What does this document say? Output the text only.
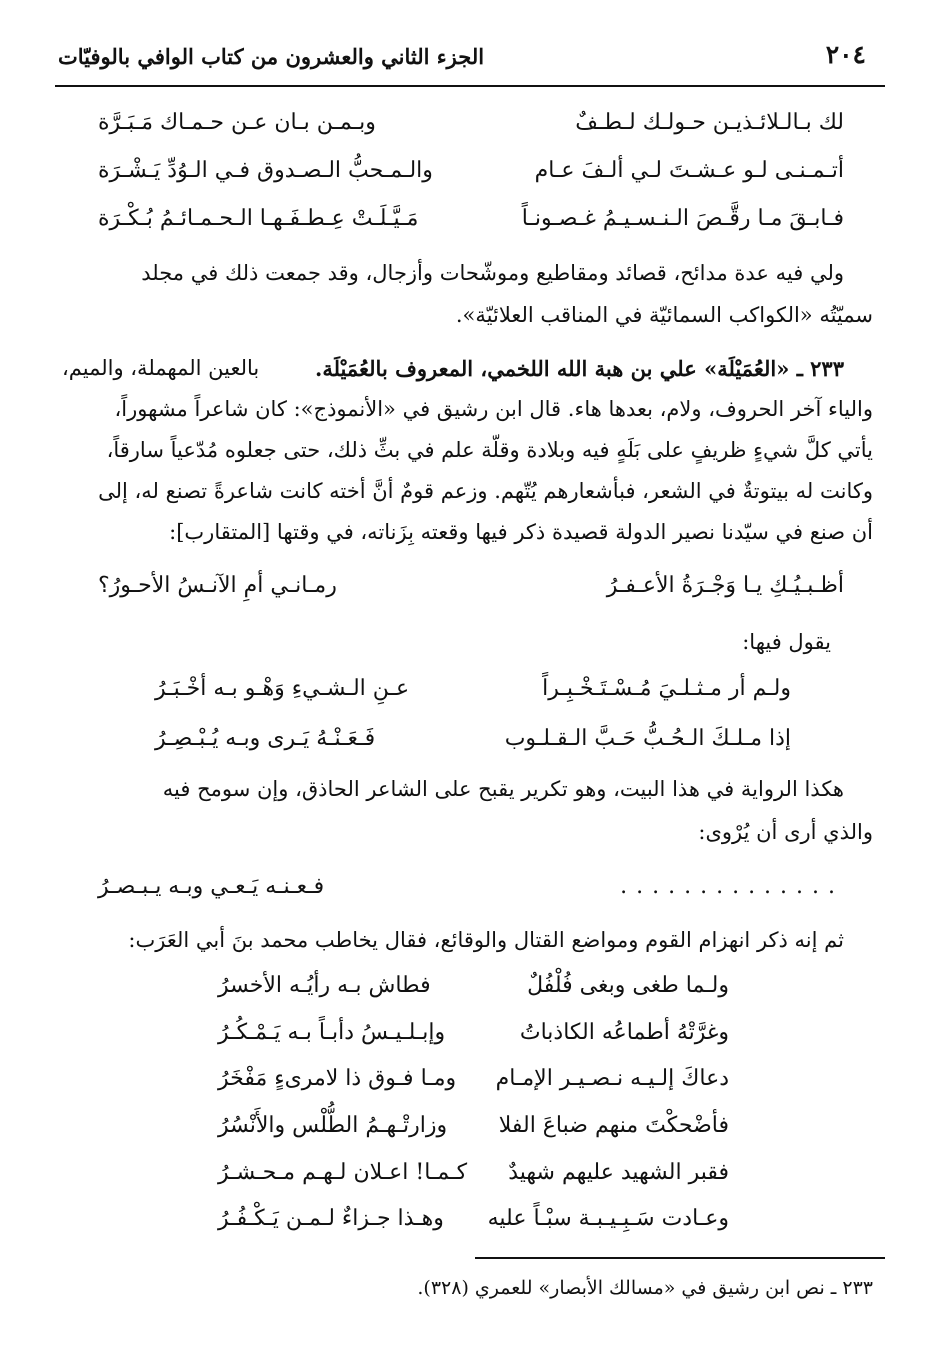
٢٠٤
الجزء الثاني والعشرون من كتاب الوافي بالوفيّات
لك بـالـلائـذيـن حـولـك لـطـفٌ
وبـمـن بـان عـن حـمـاك مَـبَـرَّة
أتـمـنـى لـو عـشـتَ لـي ألـفَ عـام
والـمـحبُّ الـصـدوق فـي الـوُدِّ يَـشْـرَة
فـابـقَ مـا رقَّـصَ الـنـسـيـمُ غـصـونـاً
مَـيَّـلَـتْ عِـطـفَـهـا الـحـمـائـمُ بُـكْـرَة
ولي فيه عدة مدائح، قصائد ومقاطيع وموشّحات وأزجال، وقد جمعت ذلك في مجلد
سميّتُه «الكواكب السمائيّة في المناقب العلائيّة».
٢٣٣ ـ «العُمَيْلَة» علي بن هبة الله اللخمي، المعروف بالعُمَيْلَة.
بالعين المهملة، والميم،
والياء آخر الحروف، ولام، بعدها هاء. قال ابن رشيق في «الأنموذج»: كان شاعراً مشهوراً،
يأتي كلَّ شيءٍ ظريفٍ على بَلَهٍ فيه وبلادة وقلّة علم في بثِّ ذلك، حتى جعلوه مُدّعياً سارقاً،
وكانت له بيتوتةٌ في الشعر، فبأشعارهم يُتّهم. وزعم قومٌ أنَّ أخته كانت شاعرةً تصنع له، إلى
أن صنع في سيّدنا نصير الدولة قصيدة ذكر فيها وقعته بِزَناته، في وقتها [المتقارب]:
أظـبـيُـكِ يـا وَجْـرَةُ الأعـفـرُ
رمـانـي أمِ الآنـسُ الأحـورُ؟
يقول فيها:
ولـم أر مـثـلـيَ مُـسْـتَـخْـبِـراً
عـنِ الـشـيءِ وَهْـو بـه أخْـبَـرُ
إذا مـلـكَ الـحُـبُّ حَـبَّ الـقـلـوب
فَـعَـنْـهُ يَـرى وبـه يُـبْـصِـرُ
هكذا الرواية في هذا البيت، وهو تكرير يقبح على الشاعر الحاذق، وإن سومح فيه
والذي أرى أن يُرْوى:
. . . . . . . . . . . . . .
فـعـنـه يَـعـي وبـه يـبـصـرُ
ثم إنه ذكر انهزام القوم ومواضع القتال والوقائع، فقال يخاطب محمد بنَ أبي العَرَب:
ولـما طغى وبغى فُلْفُلٌ
فطاش بـه رأيُـه الأخسرُ
وغرَّتْهُ أطماعُه الكاذباتُ
وإبـلـيـسُ دأبـاً بـه يَـمْـكُـرُ
دعاكَ إلـيـه نـصـيـر الإمـام
ومـا فـوق ذا لامرىءٍ مَفْخَرُ
فأضْحكْتَ منهم ضباعَ الفلا
وزارتْـهـمُ الطُّلْس والأَنْسُرُ
فقبر الشهيد عليهم شهيدٌ
كـمـا! اعـلان لـهـم مـحـشـرُ
وعـادت سَـبِـيـبـة سبْـاً عليه
وهـذا جـزاءٌ لـمـن يَـكْـفُـرُ
٢٣٣ ـ نص ابن رشيق في «مسالك الأبصار» للعمري (٣٢٨).
